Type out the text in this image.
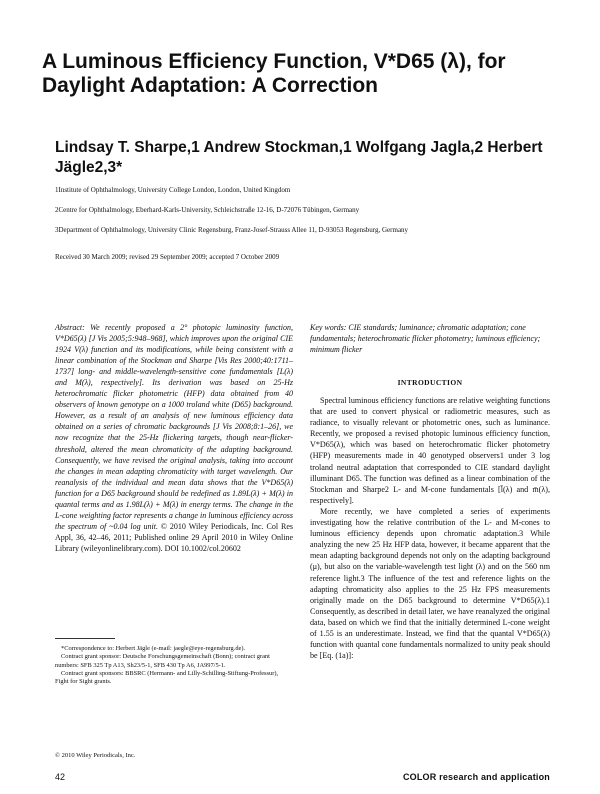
A Luminous Efficiency Function, V*D65 (λ), for Daylight Adaptation: A Correction
Lindsay T. Sharpe,1 Andrew Stockman,1 Wolfgang Jagla,2 Herbert Jägle2,3*

1Institute of Ophthalmology, University College London, London, United Kingdom

2Centre for Ophthalmology, Eberhard-Karls-University, Schleichstraße 12-16, D-72076 Tübingen, Germany

3Department of Ophthalmology, University Clinic Regensburg, Franz-Josef-Strauss Allee 11, D-93053 Regensburg, Germany

Received 30 March 2009; revised 29 September 2009; accepted 7 October 2009

Abstract: We recently proposed a 2° photopic luminosity function, V*D65(λ) [J Vis 2005;5:948–968], which improves upon the original CIE 1924 V(λ) function and its modifications, while being consistent with a linear combination of the Stockman and Sharpe [Vis Res 2000;40:1711–1737] long- and middle-wavelength-sensitive cone fundamentals [L(λ) and M(λ), respectively]. Its derivation was based on 25-Hz heterochromatic flicker photometric (HFP) data obtained from 40 observers of known genotype on a 1000 troland white (D65) background. However, as a result of an analysis of new luminous efficiency data obtained on a series of chromatic backgrounds [J Vis 2008;8:1–26], we now recognize that the 25-Hz flickering targets, though near-flicker-threshold, altered the mean chromaticity of the adapting background. Consequently, we have revised the original analysis, taking into account the changes in mean adapting chromaticity with target wavelength. Our reanalysis of the individual and mean data shows that the V*D65(λ) function for a D65 background should be redefined as 1.89L(λ) + M(λ) in quantal terms and as 1.98L(λ) + M(λ) in energy terms. The change in the L-cone weighting factor represents a change in luminous efficiency across the spectrum of ~0.04 log unit. © 2010 Wiley Periodicals, Inc. Col Res Appl, 36, 42–46, 2011; Published online 29 April 2010 in Wiley Online Library (wileyonlinelibrary.com). DOI 10.1002/col.20602

*Correspondence to: Herbert Jägle (e-mail: jaegle@eye-regensburg.de).

Contract grant sponsor: Deutsche Forschungsgemeinschaft (Bonn); contract grant numbers: SFB 325 Tp A13, Sh23/5-1, SFB 430 Tp A6, JA997/5-1.

Contract grant sponsors: BBSRC (Hermann- and Lilly-Schilling-Stiftung-Professur), Fight for Sight grants.

© 2010 Wiley Periodicals, Inc.

Key words: CIE standards; luminance; chromatic adaptation; cone fundamentals; heterochromatic flicker photometry; luminous efficiency; minimum flicker

INTRODUCTION

Spectral luminous efficiency functions are relative weighting functions that are used to convert physical or radiometric measures, such as radiance, to visually relevant or photometric ones, such as luminance. Recently, we proposed a revised photopic luminous efficiency function, V*D65(λ), which was based on heterochromatic flicker photometry (HFP) measurements made in 40 genotyped observers1 under 3 log troland neutral adaptation that corresponded to CIE standard daylight illuminant D65. The function was defined as a linear combination of the Stockman and Sharpe2 L- and M-cone fundamentals [l̄(λ) and m̄(λ), respectively].

More recently, we have completed a series of experiments investigating how the relative contribution of the L- and M-cones to luminous efficiency depends upon chromatic adaptation.3 While analyzing the new 25 Hz HFP data, however, it became apparent that the mean adapting background depends not only on the adapting background (μ), but also on the variable-wavelength test light (λ) and on the 560 nm reference light.3 The influence of the test and reference lights on the adapting chromaticity also applies to the 25 Hz FPS measurements originally made on the D65 background to determine V*D65(λ).1 Consequently, as described in detail later, we have reanalyzed the original data, based on which we find that the initially determined L-cone weight of 1.55 is an underestimate. Instead, we find that the quantal V*D65(λ) function with quantal cone fundamentals normalized to unity peak should be [Eq. (1a)]:

42	COLOR research and application
